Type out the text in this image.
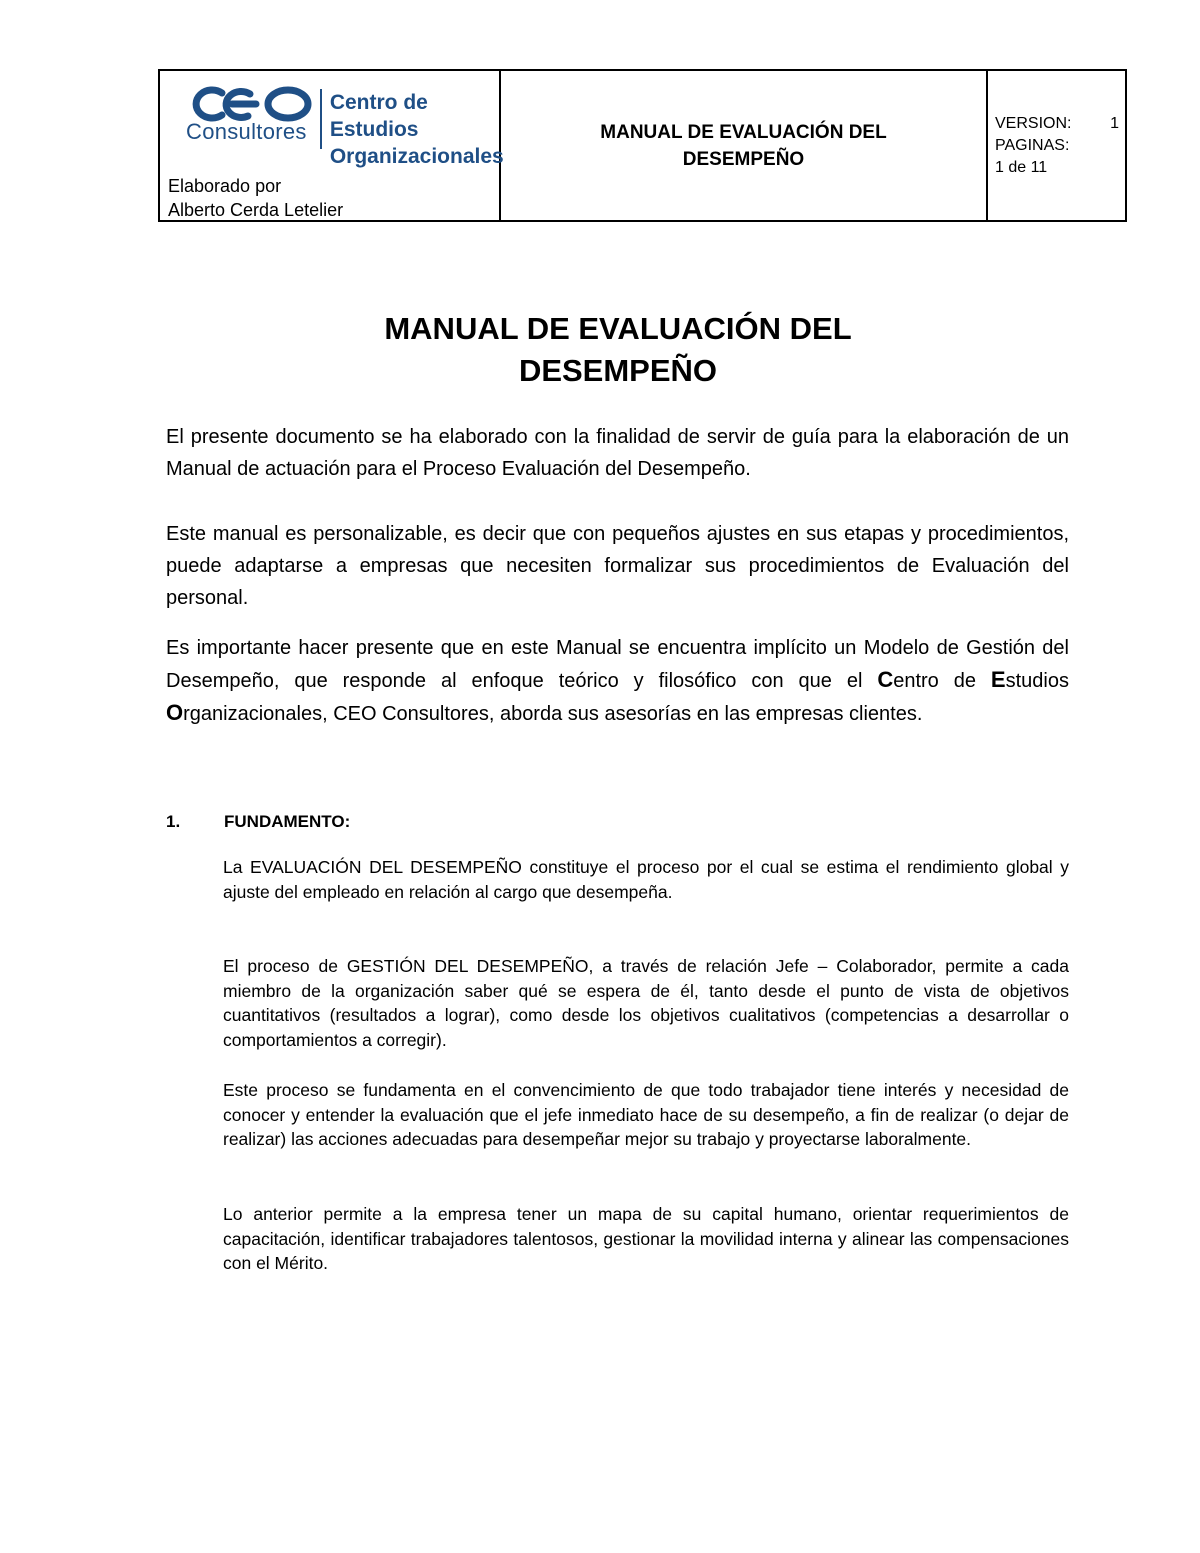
Consultores
Centro de Estudios
Organizacionales
Elaborado por
Alberto Cerda Letelier
MANUAL DE EVALUACIÓN DEL
DESEMPEÑO
VERSION: 1
PAGINAS:
1 de 11
MANUAL DE EVALUACIÓN DEL
DESEMPEÑO

El presente documento se ha elaborado con la finalidad de servir de guía para la elaboración de un Manual de actuación para el Proceso Evaluación del Desempeño.

Este manual es personalizable, es decir que con pequeños ajustes en sus etapas y procedimientos, puede adaptarse a empresas que necesiten formalizar sus procedimientos de Evaluación del personal.

Es importante hacer presente que en este Manual se encuentra implícito un Modelo de Gestión del Desempeño, que responde al enfoque teórico y filosófico con que el Centro de Estudios Organizacionales, CEO Consultores, aborda sus asesorías en las empresas clientes.

1.	FUNDAMENTO:

La EVALUACIÓN DEL DESEMPEÑO constituye el proceso por el cual se estima el rendimiento global y ajuste del empleado en relación al cargo que desempeña.

El proceso de GESTIÓN DEL DESEMPEÑO, a través de relación Jefe – Colaborador, permite a cada miembro de la organización saber qué se espera de él, tanto desde el punto de vista de objetivos cuantitativos (resultados a lograr), como desde los objetivos cualitativos (competencias a desarrollar o comportamientos a corregir).

Este proceso se fundamenta en el convencimiento de que todo trabajador tiene interés y necesidad de conocer y entender la evaluación que el jefe inmediato hace de su desempeño, a fin de realizar (o dejar de realizar) las acciones adecuadas para desempeñar mejor su trabajo y proyectarse laboralmente.

Lo anterior permite a la empresa tener un mapa de su capital humano, orientar requerimientos de capacitación, identificar trabajadores talentosos, gestionar la movilidad interna y alinear las compensaciones con el Mérito.
